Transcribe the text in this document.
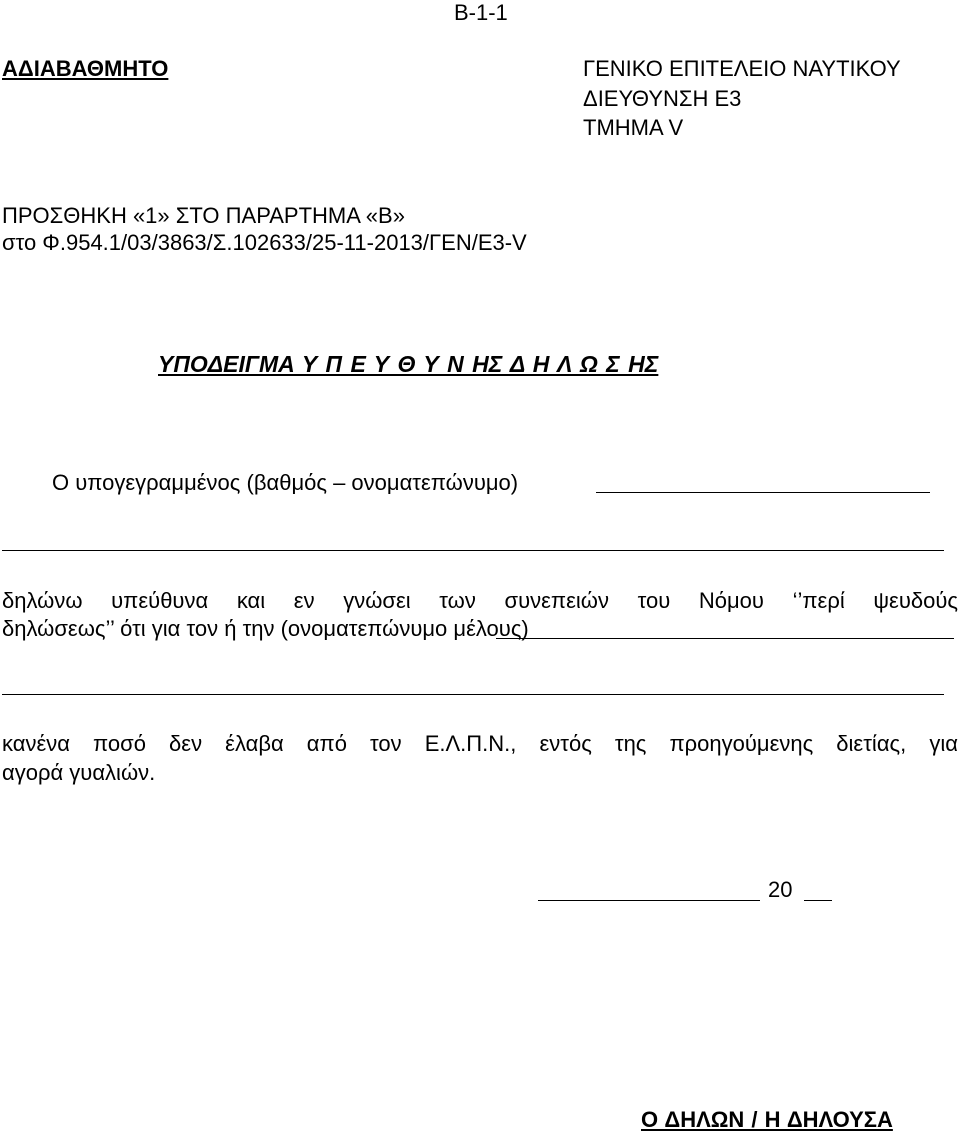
Β-1-1
ΑΔΙΑΒΑΘΜΗΤΟ	ΓΕΝΙΚΟ ΕΠΙΤΕΛΕΙΟ ΝΑΥΤΙΚΟΥ
ΔΙΕΥΘΥΝΣΗ Ε3
ΤΜΗΜΑ V
ΠΡΟΣΘΗΚΗ «1» ΣΤΟ ΠΑΡΑΡΤΗΜΑ «Β»
στο Φ.954.1/03/3863/Σ.102633/25-11-2013/ΓΕΝ/Ε3-V
ΥΠΟΔΕΙΓΜΑ Υ Π Ε Υ Θ Υ Ν ΗΣ Δ Η Λ Ω Σ ΗΣ
Ο υπογεγραμμένος (βαθμός – ονοματεπώνυμο)
δηλώνω υπεύθυνα και εν γνώσει των συνεπειών του Νόμου ‘’περί ψευδούς
δηλώσεως’’ ότι για τον ή την (ονοματεπώνυμο μέλους)
κανένα ποσό δεν έλαβα από τον Ε.Λ.Π.Ν., εντός της προηγούμενης διετίας, για
αγορά γυαλιών.
20
Ο ΔΗΛΩΝ / Η ΔΗΛΟΥΣΑ
